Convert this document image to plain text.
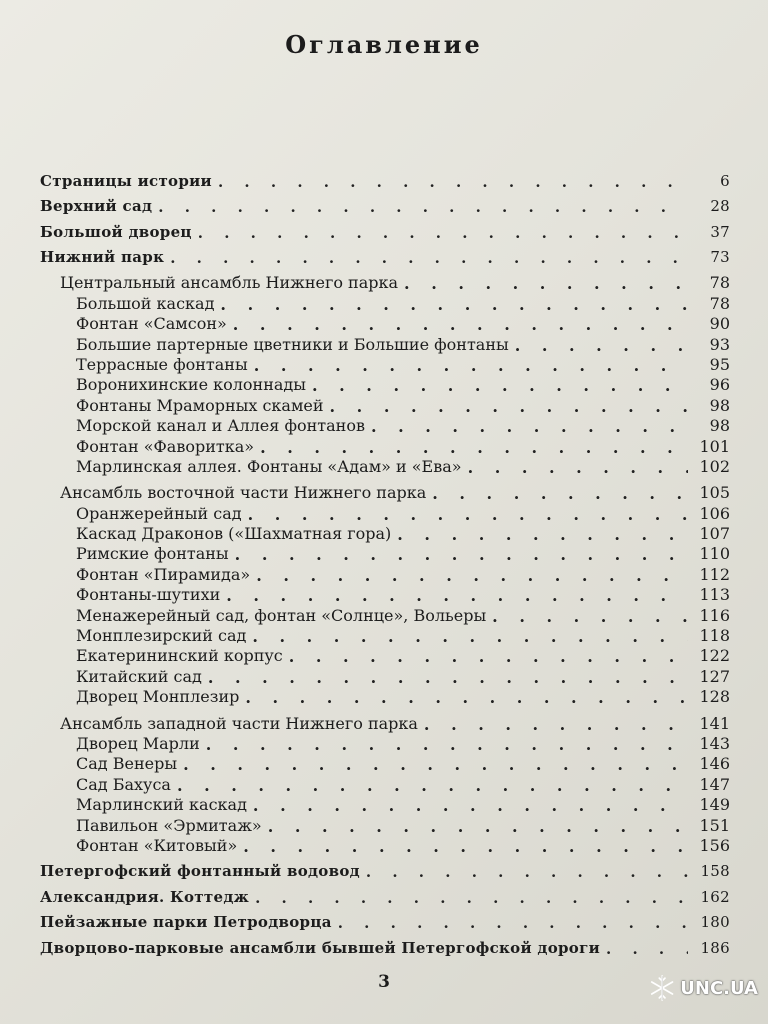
Оглавление
Страницы истории . . .	6
Верхний сад . . .	28
Большой дворец . . .	37
Нижний парк . . .	73
Центральный ансамбль Нижнего парка . . .	78
Большой каскад . . .	78
Фонтан «Самсон» . . .	90
Большие партерные цветники и Большие фонтаны . . .	93
Террасные фонтаны . . .	95
Воронихинские колоннады . . .	96
Фонтаны Мраморных скамей . . .	98
Морской канал и Аллея фонтанов . . .	98
Фонтан «Фаворитка» . . .	101
Марлинская аллея. Фонтаны «Адам» и «Ева» . . .	102
Ансамбль восточной части Нижнего парка . . .	105
Оранжерейный сад . . .	106
Каскад Драконов («Шахматная гора) . . .	107
Римские фонтаны . . .	110
Фонтан «Пирамида» . . .	112
Фонтаны-шутихи . . .	113
Менажерейный сад, фонтан «Солнце», Вольеры . . .	116
Монплезирский сад . . .	118
Екатерининский корпус . . .	122
Китайский сад . . .	127
Дворец Монплезир . . .	128
Ансамбль западной части Нижнего парка . . .	141
Дворец Марли . . .	143
Сад Венеры . . .	146
Сад Бахуса . . .	147
Марлинский каскад . . .	149
Павильон «Эрмитаж» . . .	151
Фонтан «Китовый» . . .	156
Петергофский фонтанный водовод . . .	158
Александрия. Коттедж . . .	162
Пейзажные парки Петродворца . . .	180
Дворцово-парковые ансамбли бывшей Петергофской дороги . . .	186
3	UNC.UA
